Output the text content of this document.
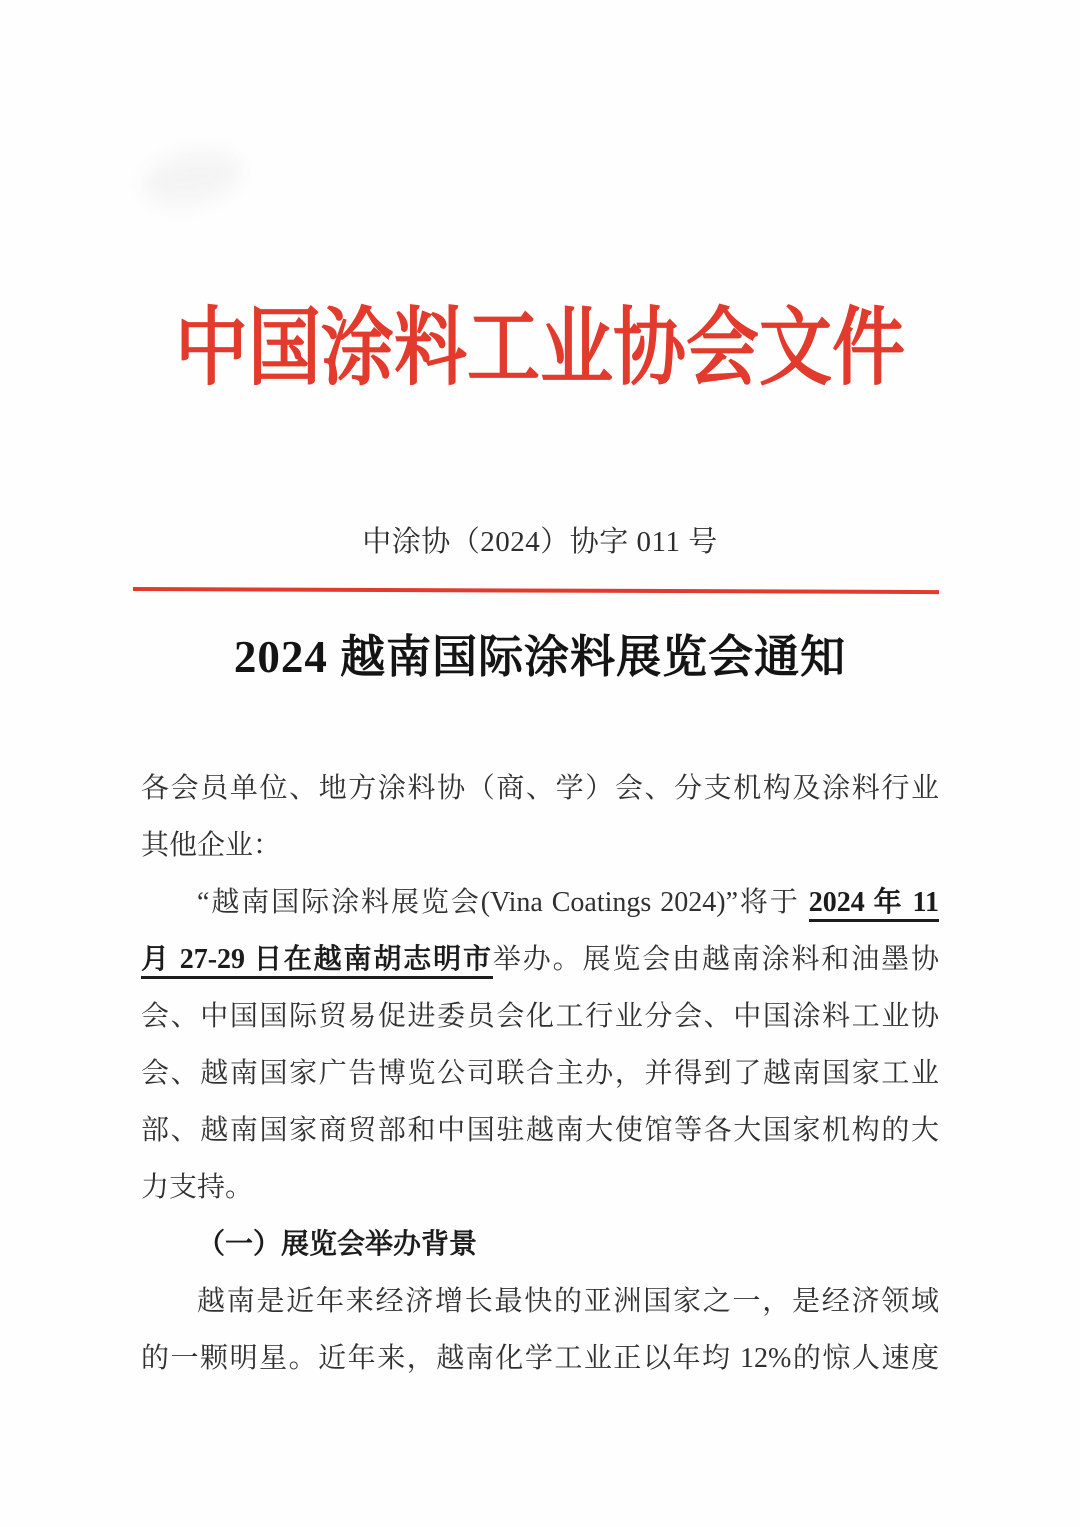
中国涂料工业协会文件
中涂协（2024）协字 011 号
2024 越南国际涂料展览会通知
各会员单位、地方涂料协（商、学）会、分支机构及涂料行业
其他企业：
“越南国际涂料展览会(Vina Coatings 2024)”将于 2024 年 11
月 27-29 日在越南胡志明市举办。展览会由越南涂料和油墨协
会、中国国际贸易促进委员会化工行业分会、中国涂料工业协
会、越南国家广告博览公司联合主办，并得到了越南国家工业
部、越南国家商贸部和中国驻越南大使馆等各大国家机构的大
力支持。
（一）展览会举办背景
越南是近年来经济增长最快的亚洲国家之一，是经济领域
的一颗明星。近年来，越南化学工业正以年均 12%的惊人速度
